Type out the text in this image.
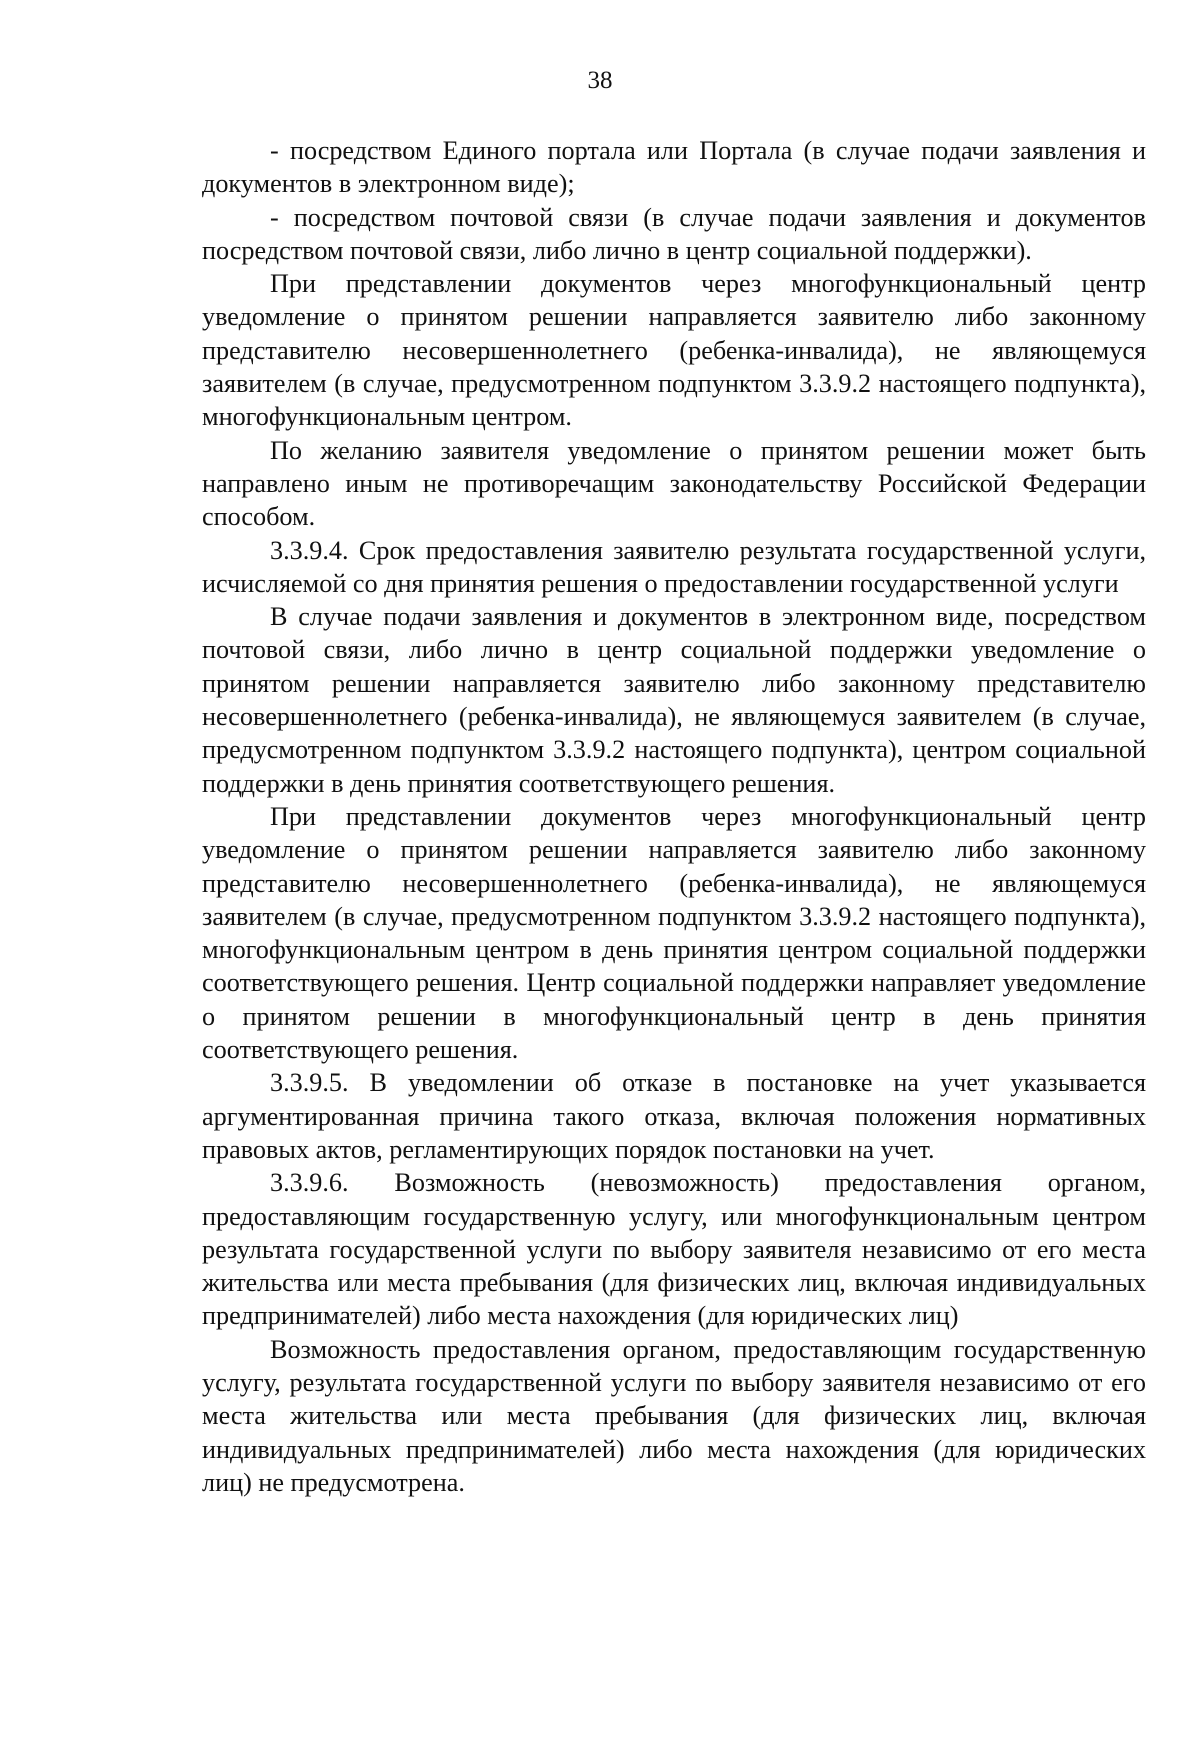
38

- посредством Единого портала или Портала (в случае подачи заявления и документов в электронном виде);

- посредством почтовой связи (в случае подачи заявления и документов посредством почтовой связи, либо лично в центр социальной поддержки).

При представлении документов через многофункциональный центр уведомление о принятом решении направляется заявителю либо законному представителю несовершеннолетнего (ребенка-инвалида), не являющемуся заявителем (в случае, предусмотренном подпунктом 3.3.9.2 настоящего подпункта), многофункциональным центром.

По желанию заявителя уведомление о принятом решении может быть направлено иным не противоречащим законодательству Российской Федерации способом.

3.3.9.4. Срок предоставления заявителю результата государственной услуги, исчисляемой со дня принятия решения о предоставлении государственной услуги

В случае подачи заявления и документов в электронном виде, посредством почтовой связи, либо лично в центр социальной поддержки уведомление о принятом решении направляется заявителю либо законному представителю несовершеннолетнего (ребенка-инвалида), не являющемуся заявителем (в случае, предусмотренном подпунктом 3.3.9.2 настоящего подпункта), центром социальной поддержки в день принятия соответствующего решения.

При представлении документов через многофункциональный центр уведомление о принятом решении направляется заявителю либо законному представителю несовершеннолетнего (ребенка-инвалида), не являющемуся заявителем (в случае, предусмотренном подпунктом 3.3.9.2 настоящего подпункта), многофункциональным центром в день принятия центром социальной поддержки соответствующего решения. Центр социальной поддержки направляет уведомление о принятом решении в многофункциональный центр в день принятия соответствующего решения.

3.3.9.5. В уведомлении об отказе в постановке на учет указывается аргументированная причина такого отказа, включая положения нормативных правовых актов, регламентирующих порядок постановки на учет.

3.3.9.6. Возможность (невозможность) предоставления органом, предоставляющим государственную услугу, или многофункциональным центром результата государственной услуги по выбору заявителя независимо от его места жительства или места пребывания (для физических лиц, включая индивидуальных предпринимателей) либо места нахождения (для юридических лиц)

Возможность предоставления органом, предоставляющим государственную услугу, результата государственной услуги по выбору заявителя независимо от его места жительства или места пребывания (для физических лиц, включая индивидуальных предпринимателей) либо места нахождения (для юридических лиц) не предусмотрена.
